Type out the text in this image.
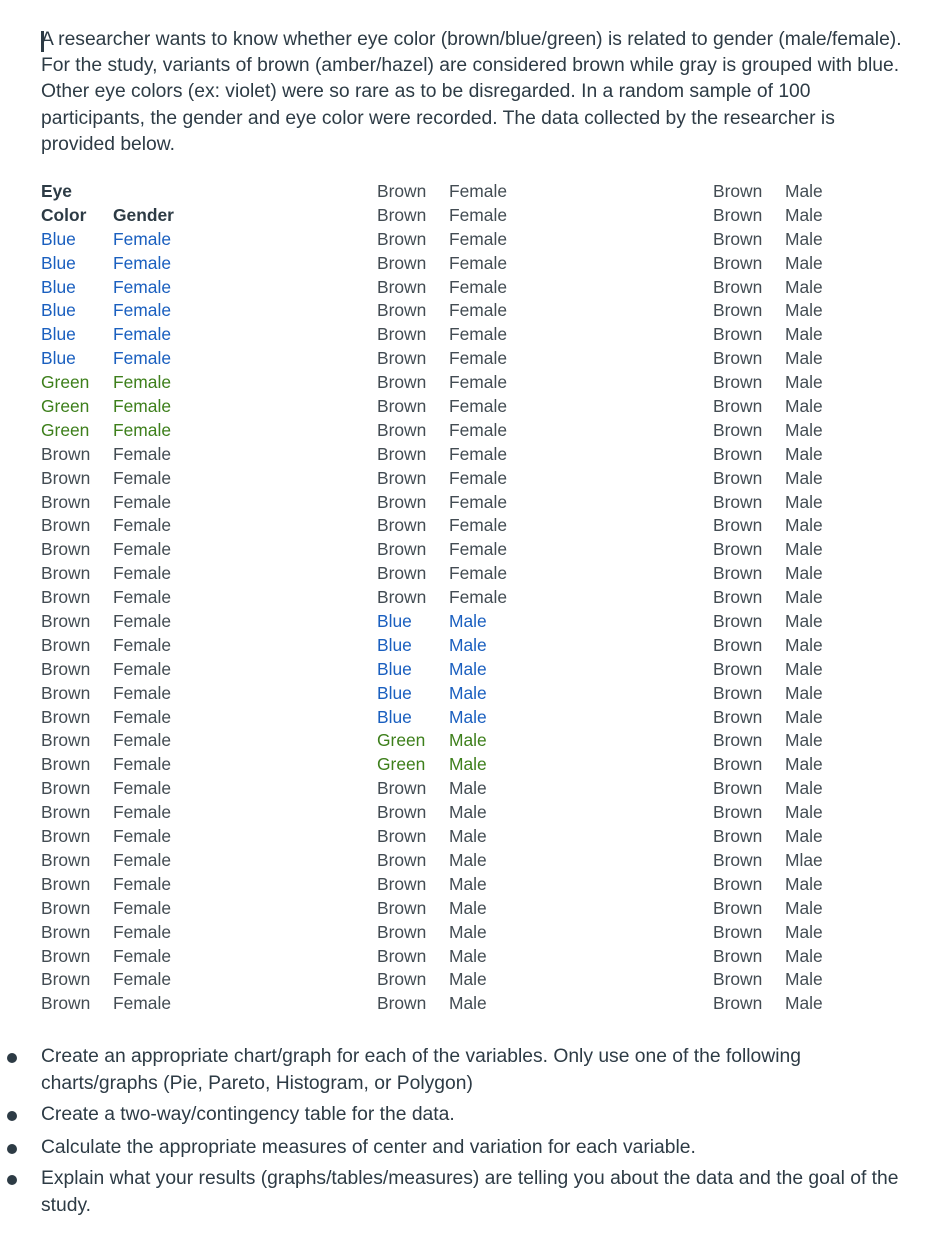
A researcher wants to know whether eye color (brown/blue/green) is related to gender (male/female). For the study, variants of brown (amber/hazel) are considered brown while gray is grouped with blue. Other eye colors (ex: violet) were so rare as to be disregarded. In a random sample of 100 participants, the gender and eye color were recorded. The data collected by the researcher is provided below.

Eye
Color	Gender
Blue	Female
Blue	Female
Blue	Female
Blue	Female
Blue	Female
Blue	Female
Green	Female
Green	Female
Green	Female
Brown	Female
Brown	Female
Brown	Female
Brown	Female
Brown	Female
Brown	Female
Brown	Female
Brown	Female
Brown	Female
Brown	Female
Brown	Female
Brown	Female
Brown	Female
Brown	Female
Brown	Female
Brown	Female
Brown	Female
Brown	Female
Brown	Female
Brown	Female
Brown	Female
Brown	Female
Brown	Female
Brown	Female
Brown	Female
Brown	Female
Brown	Female
Brown	Female
Brown	Female
Brown	Female
Brown	Female
Brown	Female
Brown	Female
Brown	Female
Brown	Female
Brown	Female
Brown	Female
Brown	Female
Brown	Female
Brown	Female
Brown	Female
Brown	Female
Blue	Male
Blue	Male
Blue	Male
Blue	Male
Blue	Male
Green	Male
Green	Male
Brown	Male
Brown	Male
Brown	Male
Brown	Male
Brown	Male
Brown	Male
Brown	Male
Brown	Male
Brown	Male
Brown	Male
Brown	Male
Brown	Male
Brown	Male
Brown	Male
Brown	Male
Brown	Male
Brown	Male
Brown	Male
Brown	Male
Brown	Male
Brown	Male
Brown	Male
Brown	Male
Brown	Male
Brown	Male
Brown	Male
Brown	Male
Brown	Male
Brown	Male
Brown	Male
Brown	Male
Brown	Male
Brown	Male
Brown	Male
Brown	Male
Brown	Male
Brown	Male
Brown	Male
Brown	Mlae
Brown	Male
Brown	Male
Brown	Male
Brown	Male
Brown	Male
Brown	Male
Create an appropriate chart/graph for each of the variables. Only use one of the following charts/graphs (Pie, Pareto, Histogram, or Polygon)
Create a two-way/contingency table for the data.
Calculate the appropriate measures of center and variation for each variable.
Explain what your results (graphs/tables/measures) are telling you about the data and the goal of the study.
